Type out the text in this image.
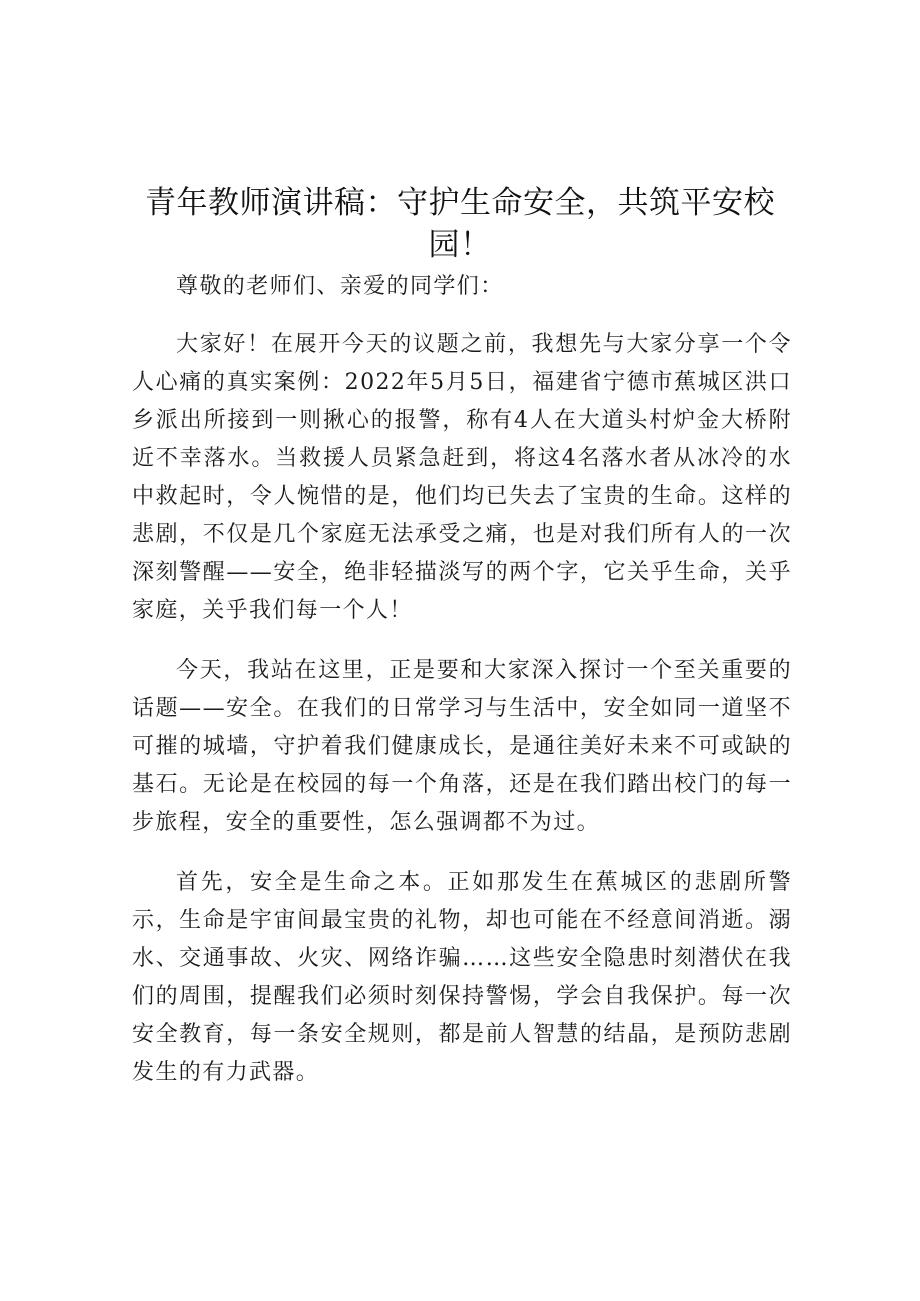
青年教师演讲稿：守护生命安全，共筑平安校园！

尊敬的老师们、亲爱的同学们：

大家好！在展开今天的议题之前，我想先与大家分享一个令人心痛的真实案例：2022年5月5日，福建省宁德市蕉城区洪口乡派出所接到一则揪心的报警，称有4人在大道头村炉金大桥附近不幸落水。当救援人员紧急赶到，将这4名落水者从冰冷的水中救起时，令人惋惜的是，他们均已失去了宝贵的生命。这样的悲剧，不仅是几个家庭无法承受之痛，也是对我们所有人的一次深刻警醒——安全，绝非轻描淡写的两个字，它关乎生命，关乎家庭，关乎我们每一个人！

今天，我站在这里，正是要和大家深入探讨一个至关重要的话题——安全。在我们的日常学习与生活中，安全如同一道坚不可摧的城墙，守护着我们健康成长，是通往美好未来不可或缺的基石。无论是在校园的每一个角落，还是在我们踏出校门的每一步旅程，安全的重要性，怎么强调都不为过。

首先，安全是生命之本。正如那发生在蕉城区的悲剧所警示，生命是宇宙间最宝贵的礼物，却也可能在不经意间消逝。溺水、交通事故、火灾、网络诈骗……这些安全隐患时刻潜伏在我们的周围，提醒我们必须时刻保持警惕，学会自我保护。每一次安全教育，每一条安全规则，都是前人智慧的结晶，是预防悲剧发生的有力武器。
